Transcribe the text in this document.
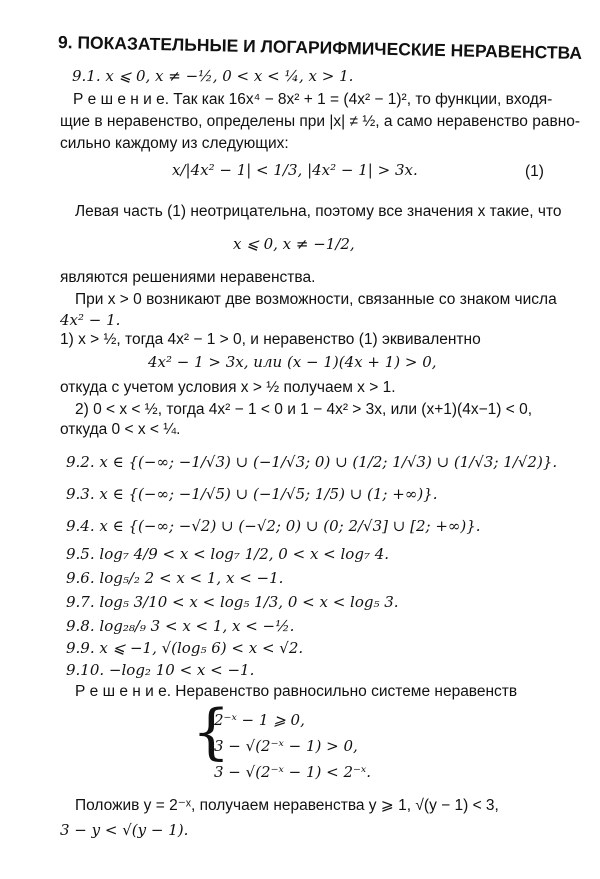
9. ПОКАЗАТЕЛЬНЫЕ И ЛОГАРИФМИЧЕСКИЕ НЕРАВЕНСТВА
9.1. x ⩽ 0, x ≠ −½, 0 < x < ¼, x > 1.
Р е ш е н и е. Так как 16x⁴ − 8x² + 1 = (4x² − 1)², то функции, входя-
щие в неравенство, определены при |x| ≠ ½, а само неравенство равно-
сильно каждому из следующих:
x/|4x² − 1| < 1/3, |4x² − 1| > 3x.	(1)
Левая часть (1) неотрицательна, поэтому все значения x такие, что
x ⩽ 0, x ≠ −1/2,
являются решениями неравенства.
При x > 0 возникают две возможности, связанные со знаком числа
4x² − 1.
1) x > ½, тогда 4x² − 1 > 0, и неравенство (1) эквивалентно
4x² − 1 > 3x, или (x − 1)(4x + 1) > 0,
откуда с учетом условия x > ½ получаем x > 1.
2) 0 < x < ½, тогда 4x² − 1 < 0 и 1 − 4x² > 3x, или (x+1)(4x−1) < 0,
откуда 0 < x < ¼.
9.2. x ∈ {(−∞; −1/√3) ∪ (−1/√3; 0) ∪ (1/2; 1/√3) ∪ (1/√3; 1/√2)}.
9.3. x ∈ {(−∞; −1/√5) ∪ (−1/√5; 1/5) ∪ (1; +∞)}.
9.4. x ∈ {(−∞; −√2) ∪ (−√2; 0) ∪ (0; 2/√3] ∪ [2; +∞)}.
9.5. log₇ 4/9 < x < log₇ 1/2, 0 < x < log₇ 4.
9.6. log₅/₂ 2 < x < 1, x < −1.
9.7. log₅ 3/10 < x < log₅ 1/3, 0 < x < log₅ 3.
9.8. log₂₈/₉ 3 < x < 1, x < −½.
9.9. x ⩽ −1, √(log₅ 6) < x < √2.
9.10. −log₂ 10 < x < −1.
Р е ш е н и е. Неравенство равносильно системе неравенств
{
2⁻ˣ − 1 ⩾ 0,
3 − √(2⁻ˣ − 1) > 0,
3 − √(2⁻ˣ − 1) < 2⁻ˣ.
Положив y = 2⁻ˣ, получаем неравенства y ⩾ 1, √(y − 1) < 3,
3 − y < √(y − 1).
